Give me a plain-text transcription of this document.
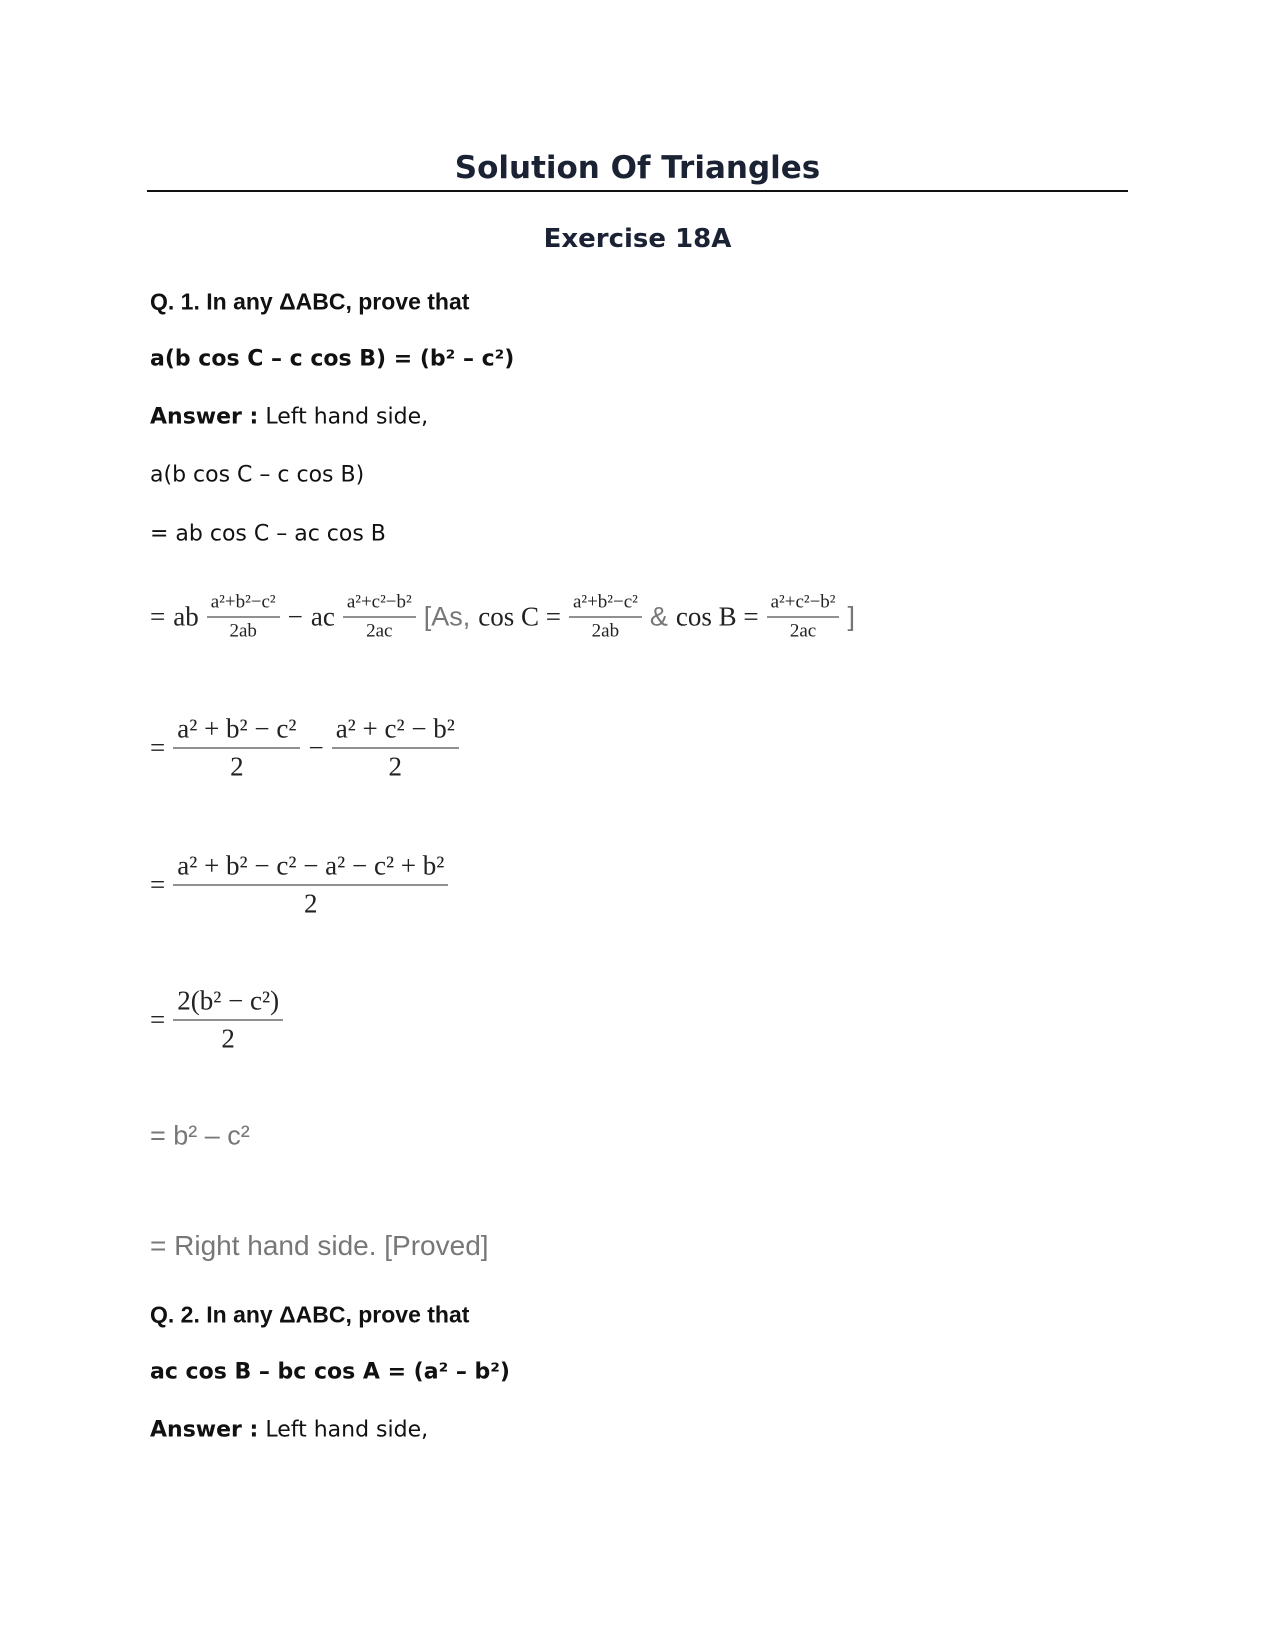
Solution Of Triangles
Exercise 18A
Q. 1. In any ΔABC, prove that
a(b cos C – c cos B) = (b² – c²)
Answer : Left hand side,
a(b cos C – c cos B)
= ab cos C – ac cos B
= ab $\frac{\text{a²+b²−c²}}{2ab}$ − ac $\frac{\text{a²+c²−b²}}{2ac} [As$, $\cos C = \frac{\text{a²+b²−c²}}{2ab}$ & $\cos B = \frac{\text{a²+c²−b²}}{2ac}$ ]
= $\frac{\text{a² + b² − c²}}{2} - \frac{\text{a² + c² − b²}}{2}$
= $\frac{\text{a² + b² − c² − a² − c² + b²}}{2}$
= $\frac{\text{2(b² − c²)}}{2}$
= b² – c²
= Right hand side. [Proved]
Q. 2. In any ΔABC, prove that
ac cos B – bc cos A = (a² – b²)
Answer : Left hand side,
